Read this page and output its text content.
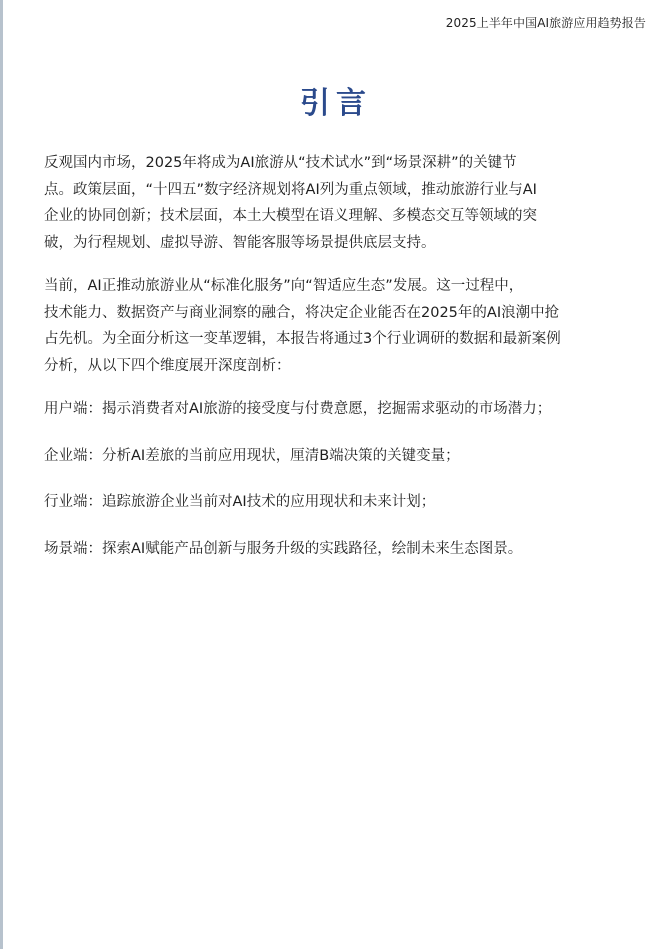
2025上半年中国AI旅游应用趋势报告
引言
反观国内市场，2025年将成为AI旅游从“技术试水”到“场景深耕”的关键节
点。政策层面，“十四五”数字经济规划将AI列为重点领域，推动旅游行业与AI
企业的协同创新；技术层面，本土大模型在语义理解、多模态交互等领域的突
破，为行程规划、虚拟导游、智能客服等场景提供底层支持。
当前，AI正推动旅游业从“标准化服务”向“智适应生态”发展。这一过程中，
技术能力、数据资产与商业洞察的融合，将决定企业能否在2025年的AI浪潮中抢
占先机。为全面分析这一变革逻辑，本报告将通过3个行业调研的数据和最新案例
分析，从以下四个维度展开深度剖析：
用户端：揭示消费者对AI旅游的接受度与付费意愿，挖掘需求驱动的市场潜力；
企业端：分析AI差旅的当前应用现状，厘清B端决策的关键变量；
行业端：追踪旅游企业当前对AI技术的应用现状和未来计划；
场景端：探索AI赋能产品创新与服务升级的实践路径，绘制未来生态图景。
